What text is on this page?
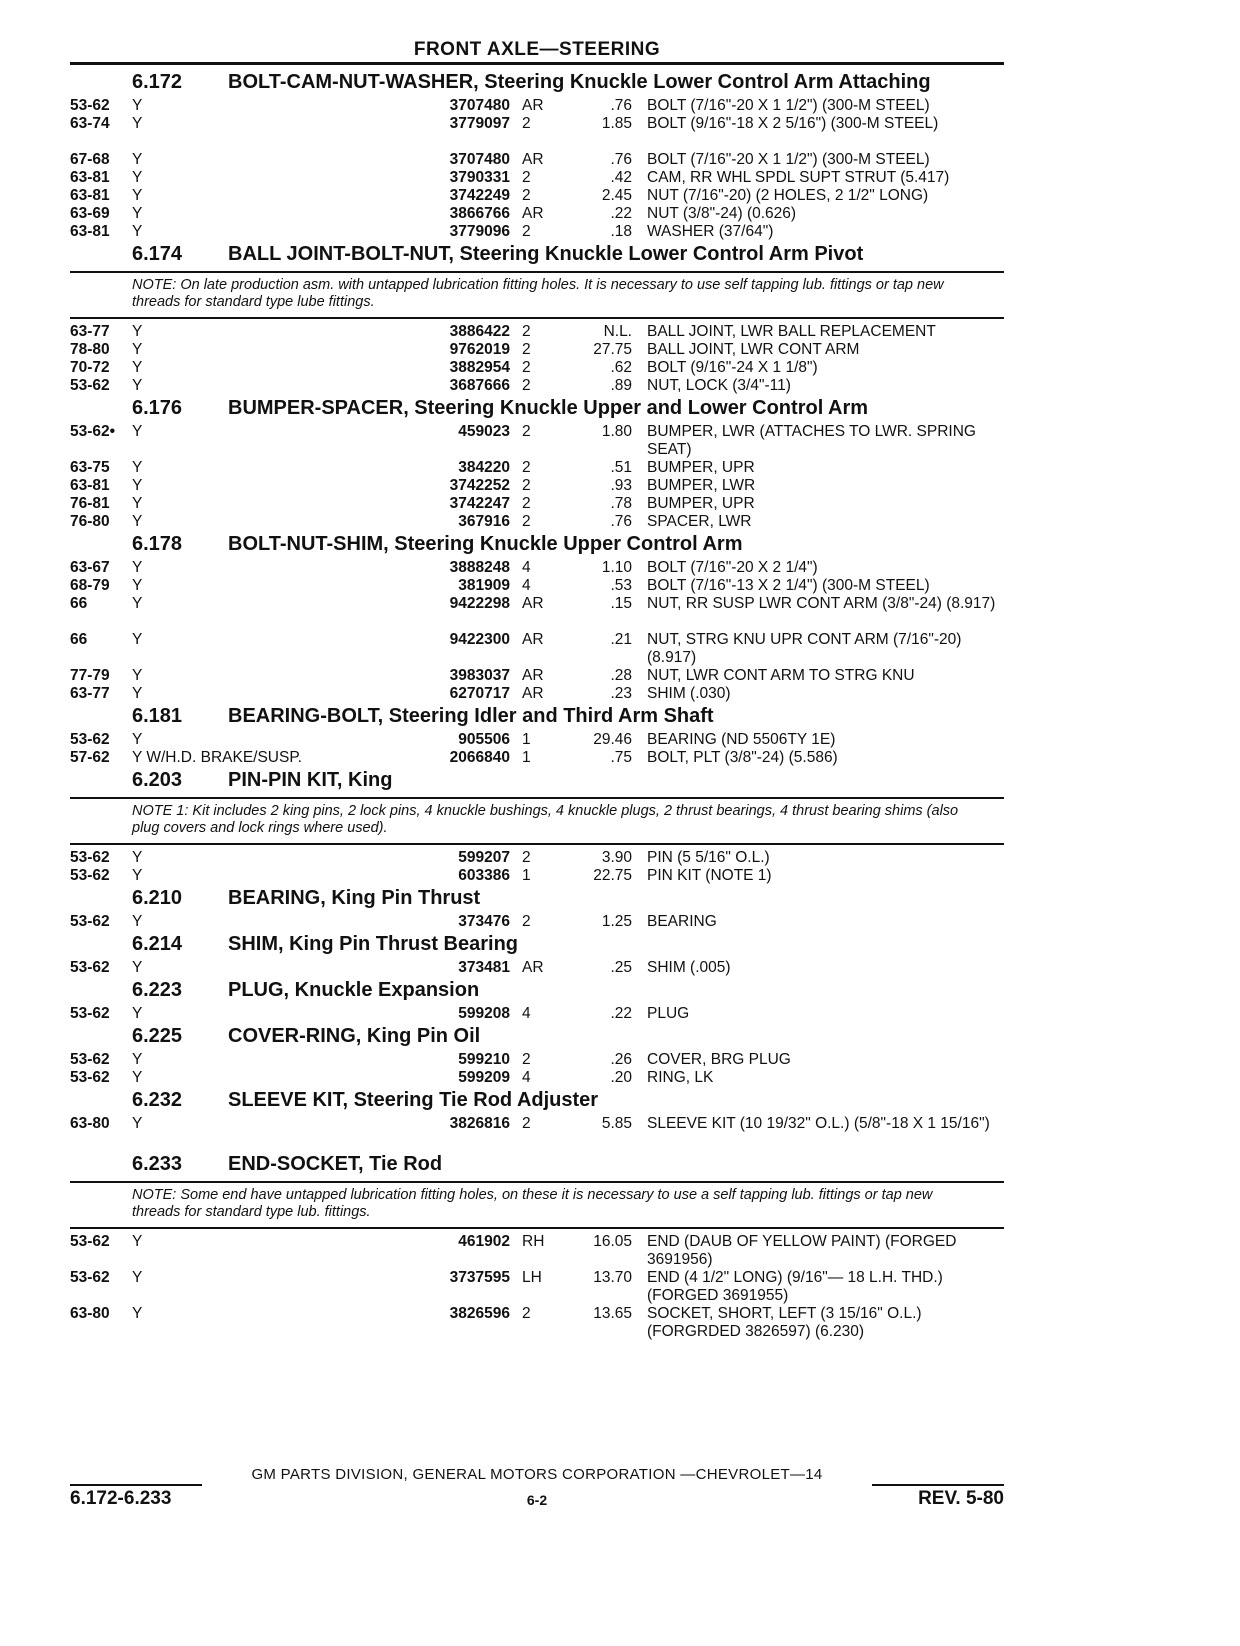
FRONT AXLE—STEERING
6.172	BOLT-CAM-NUT-WASHER, Steering Knuckle Lower Control Arm Attaching
53-62	Y	3707480 AR	.76 BOLT (7/16"-20 X 1 1/2") (300-M STEEL)
63-74	Y	3779097 2	1.85 BOLT (9/16"-18 X 2 5/16") (300-M STEEL)
67-68	Y	3707480 AR	.76 BOLT (7/16"-20 X 1 1/2") (300-M STEEL)
63-81	Y	3790331 2	.42 CAM, RR WHL SPDL SUPT STRUT (5.417)
63-81	Y	3742249 2	2.45 NUT (7/16"-20) (2 HOLES, 2 1/2" LONG)
63-69	Y	3866766 AR	.22 NUT (3/8"-24) (0.626)
63-81	Y	3779096 2	.18 WASHER (37/64")
6.174	BALL JOINT-BOLT-NUT, Steering Knuckle Lower Control Arm Pivot
NOTE: On late production asm. with untapped lubrication fitting holes. It is necessary to use self tapping lub. fittings or tap new threads for standard type lube fittings.
63-77	Y	3886422 2	N.L. BALL JOINT, LWR BALL REPLACEMENT
78-80	Y	9762019 2	27.75 BALL JOINT, LWR CONT ARM
70-72	Y	3882954 2	.62 BOLT (9/16"-24 X 1 1/8")
53-62	Y	3687666 2	.89 NUT, LOCK (3/4"-11)
6.176	BUMPER-SPACER, Steering Knuckle Upper and Lower Control Arm
53-62•	Y	459023 2	1.80 BUMPER, LWR (ATTACHES TO LWR. SPRING SEAT)
63-75	Y	384220 2	.51 BUMPER, UPR
63-81	Y	3742252 2	.93 BUMPER, LWR
76-81	Y	3742247 2	.78 BUMPER, UPR
76-80	Y	367916 2	.76 SPACER, LWR
6.178	BOLT-NUT-SHIM, Steering Knuckle Upper Control Arm
63-67	Y	3888248 4	1.10 BOLT (7/16"-20 X 2 1/4")
68-79	Y	381909 4	.53 BOLT (7/16"-13 X 2 1/4") (300-M STEEL)
66	Y	9422298 AR	.15 NUT, RR SUSP LWR CONT ARM (3/8"-24) (8.917)
66	Y	9422300 AR	.21 NUT, STRG KNU UPR CONT ARM (7/16"-20) (8.917)
77-79	Y	3983037 AR	.28 NUT, LWR CONT ARM TO STRG KNU
63-77	Y	6270717 AR	.23 SHIM (.030)
6.181	BEARING-BOLT, Steering Idler and Third Arm Shaft
53-62	Y	905506 1	29.46 BEARING (ND 5506TY 1E)
57-62	Y W/H.D. BRAKE/SUSP.	2066840 1	.75 BOLT, PLT (3/8"-24) (5.586)
6.203	PIN-PIN KIT, King
NOTE 1: Kit includes 2 king pins, 2 lock pins, 4 knuckle bushings, 4 knuckle plugs, 2 thrust bearings, 4 thrust bearing shims (also plug covers and lock rings where used).
53-62	Y	599207 2	3.90 PIN (5 5/16" O.L.)
53-62	Y	603386 1	22.75 PIN KIT (NOTE 1)
6.210	BEARING, King Pin Thrust
53-62	Y	373476 2	1.25 BEARING
6.214	SHIM, King Pin Thrust Bearing
53-62	Y	373481 AR	.25 SHIM (.005)
6.223	PLUG, Knuckle Expansion
53-62	Y	599208 4	.22 PLUG
6.225	COVER-RING, King Pin Oil
53-62	Y	599210 2	.26 COVER, BRG PLUG
53-62	Y	599209 4	.20 RING, LK
6.232	SLEEVE KIT, Steering Tie Rod Adjuster
63-80	Y	3826816 2	5.85 SLEEVE KIT (10 19/32" O.L.) (5/8"-18 X 1 15/16")
6.233	END-SOCKET, Tie Rod
NOTE: Some end have untapped lubrication fitting holes, on these it is necessary to use a self tapping lub. fittings or tap new threads for standard type lub. fittings.
53-62	Y	461902 RH	16.05 END (DAUB OF YELLOW PAINT) (FORGED 3691956)
53-62	Y	3737595 LH	13.70 END (4 1/2" LONG) (9/16"— 18 L.H. THD.) (FORGED 3691955)
63-80	Y	3826596 2	13.65 SOCKET, SHORT, LEFT (3 15/16" O.L.) (FORGRDED 3826597) (6.230)
GM PARTS DIVISION, GENERAL MOTORS CORPORATION —CHEVROLET—14
6.172-6.233	6-2	REV. 5-80
